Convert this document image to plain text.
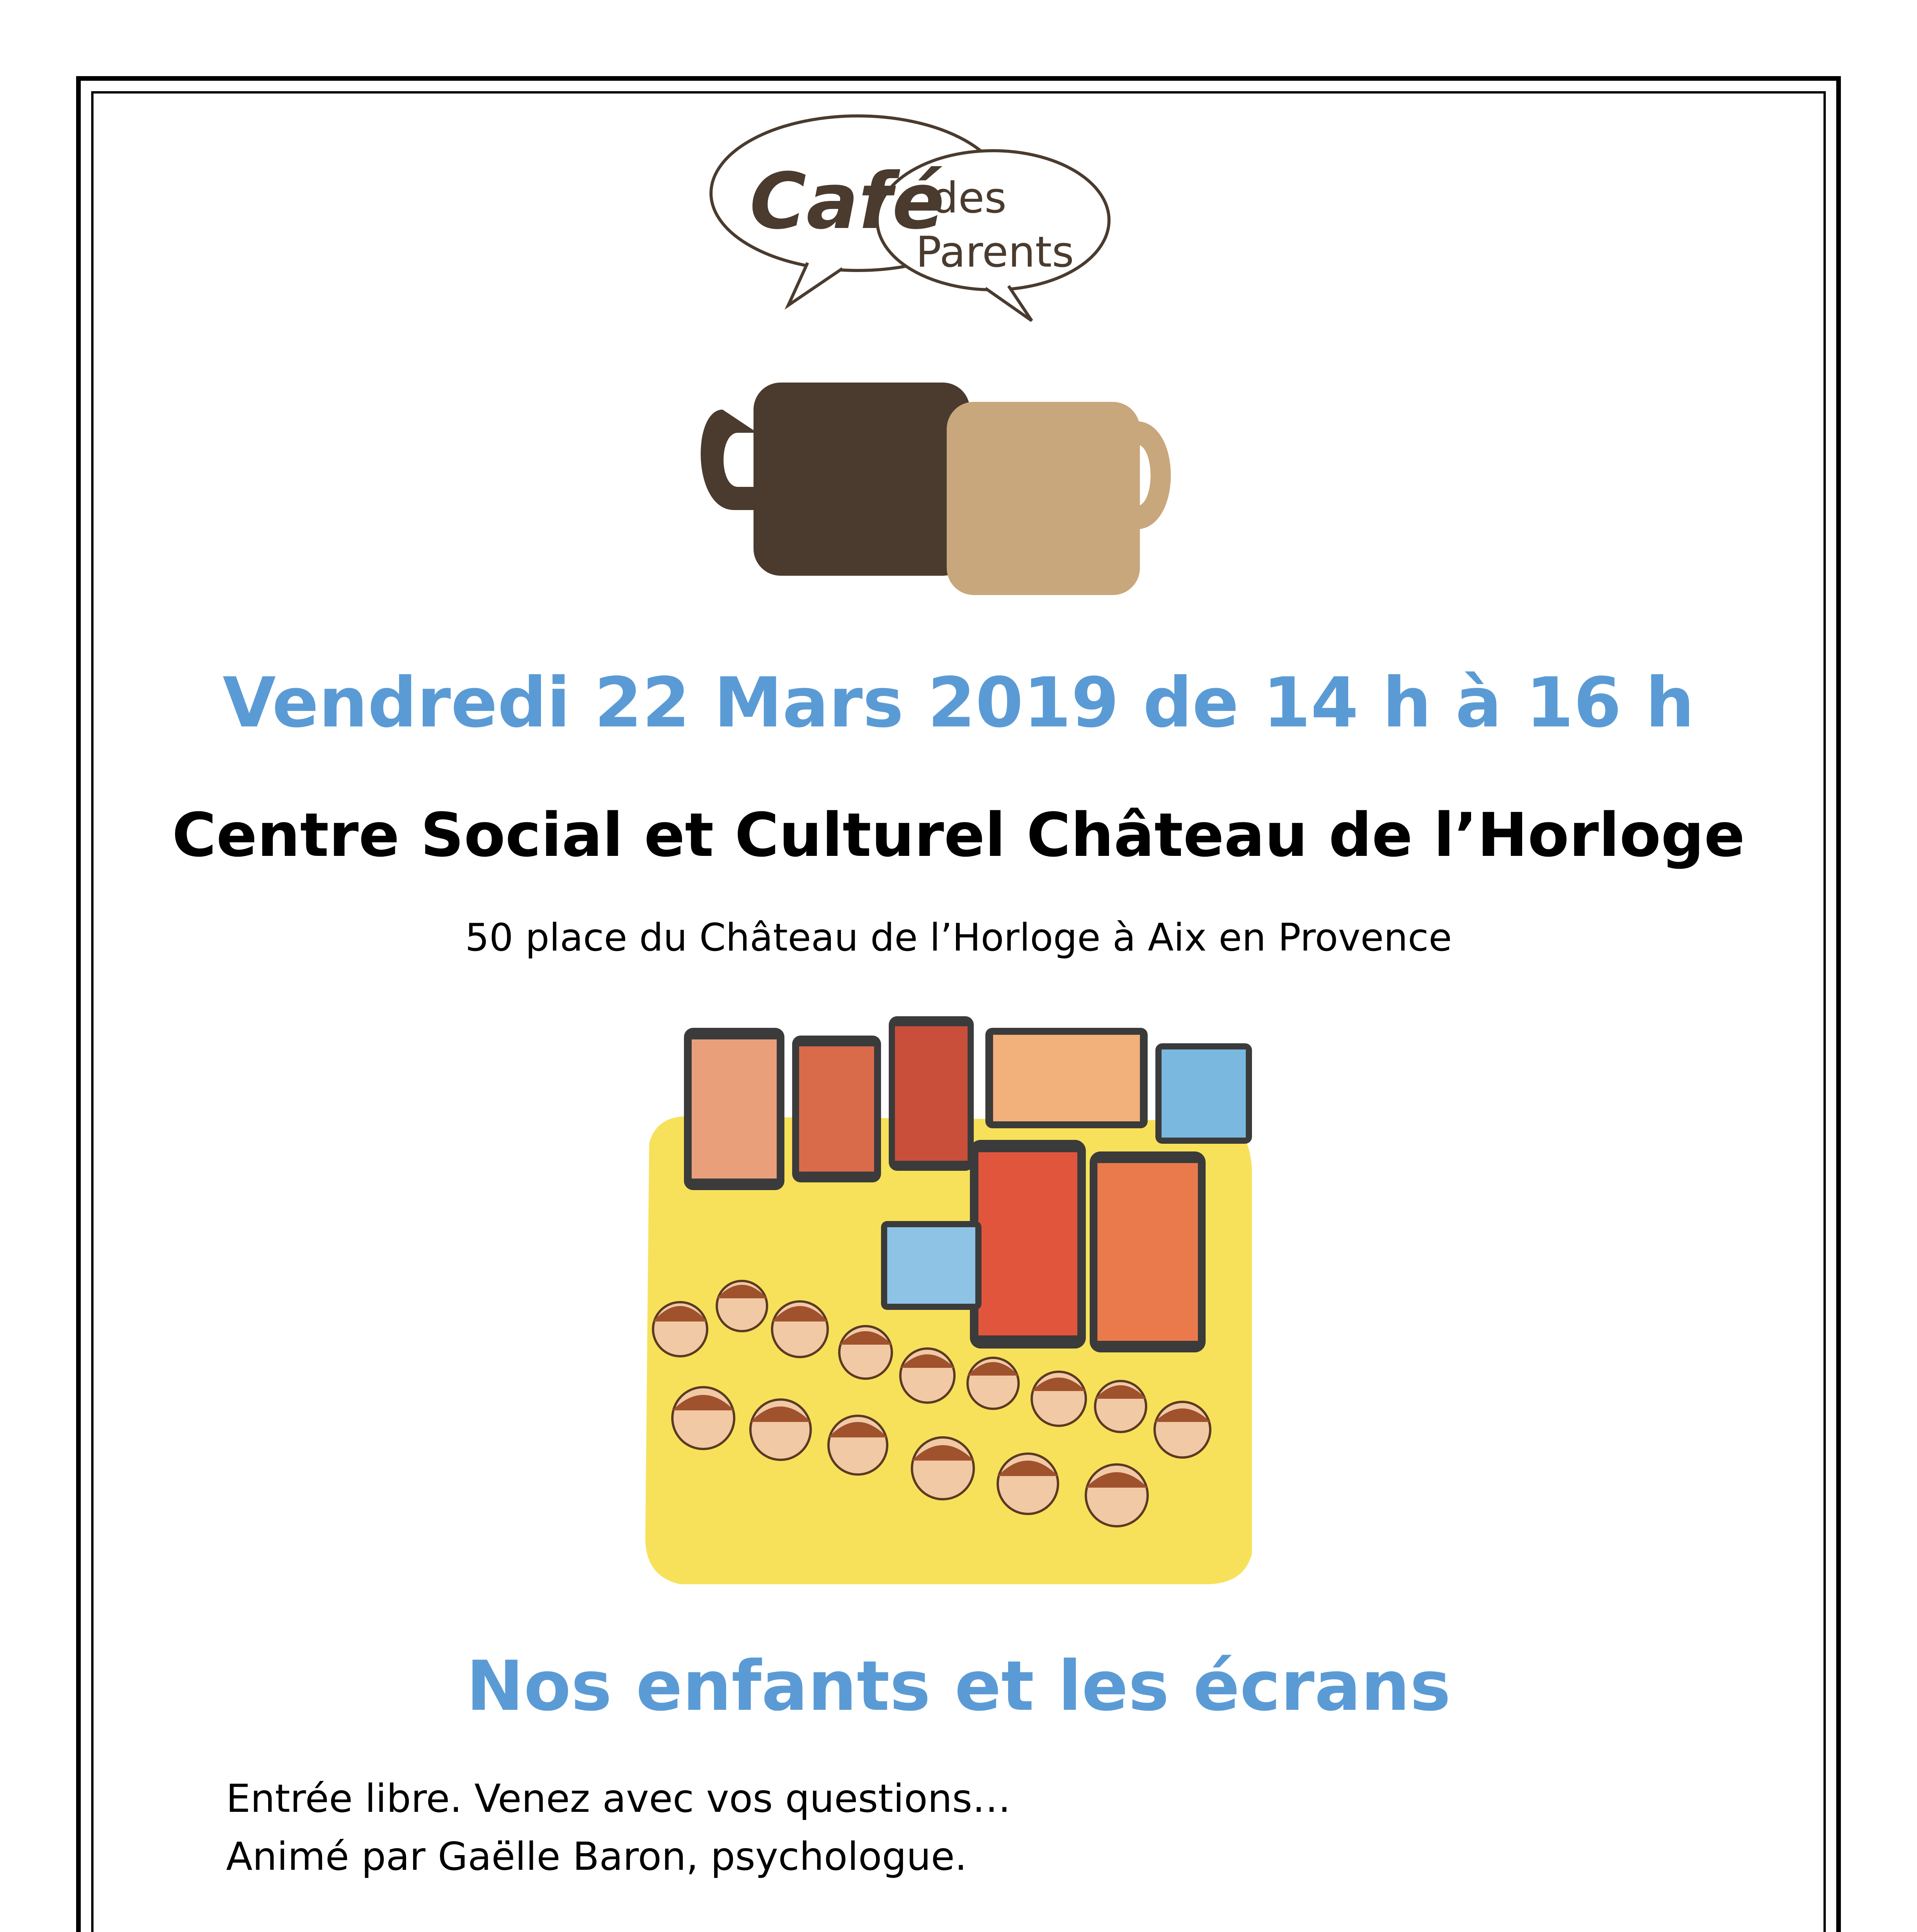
Café
des
Parents

Vendredi 22 Mars 2019 de 14 h à 16 h

Centre Social et Culturel Château de l’Horloge

50 place du Château de l’Horloge à Aix en Provence

Nos enfants et les écrans

Entrée libre. Venez avec vos questions…

Animé par Gaëlle Baron, psychologue.
